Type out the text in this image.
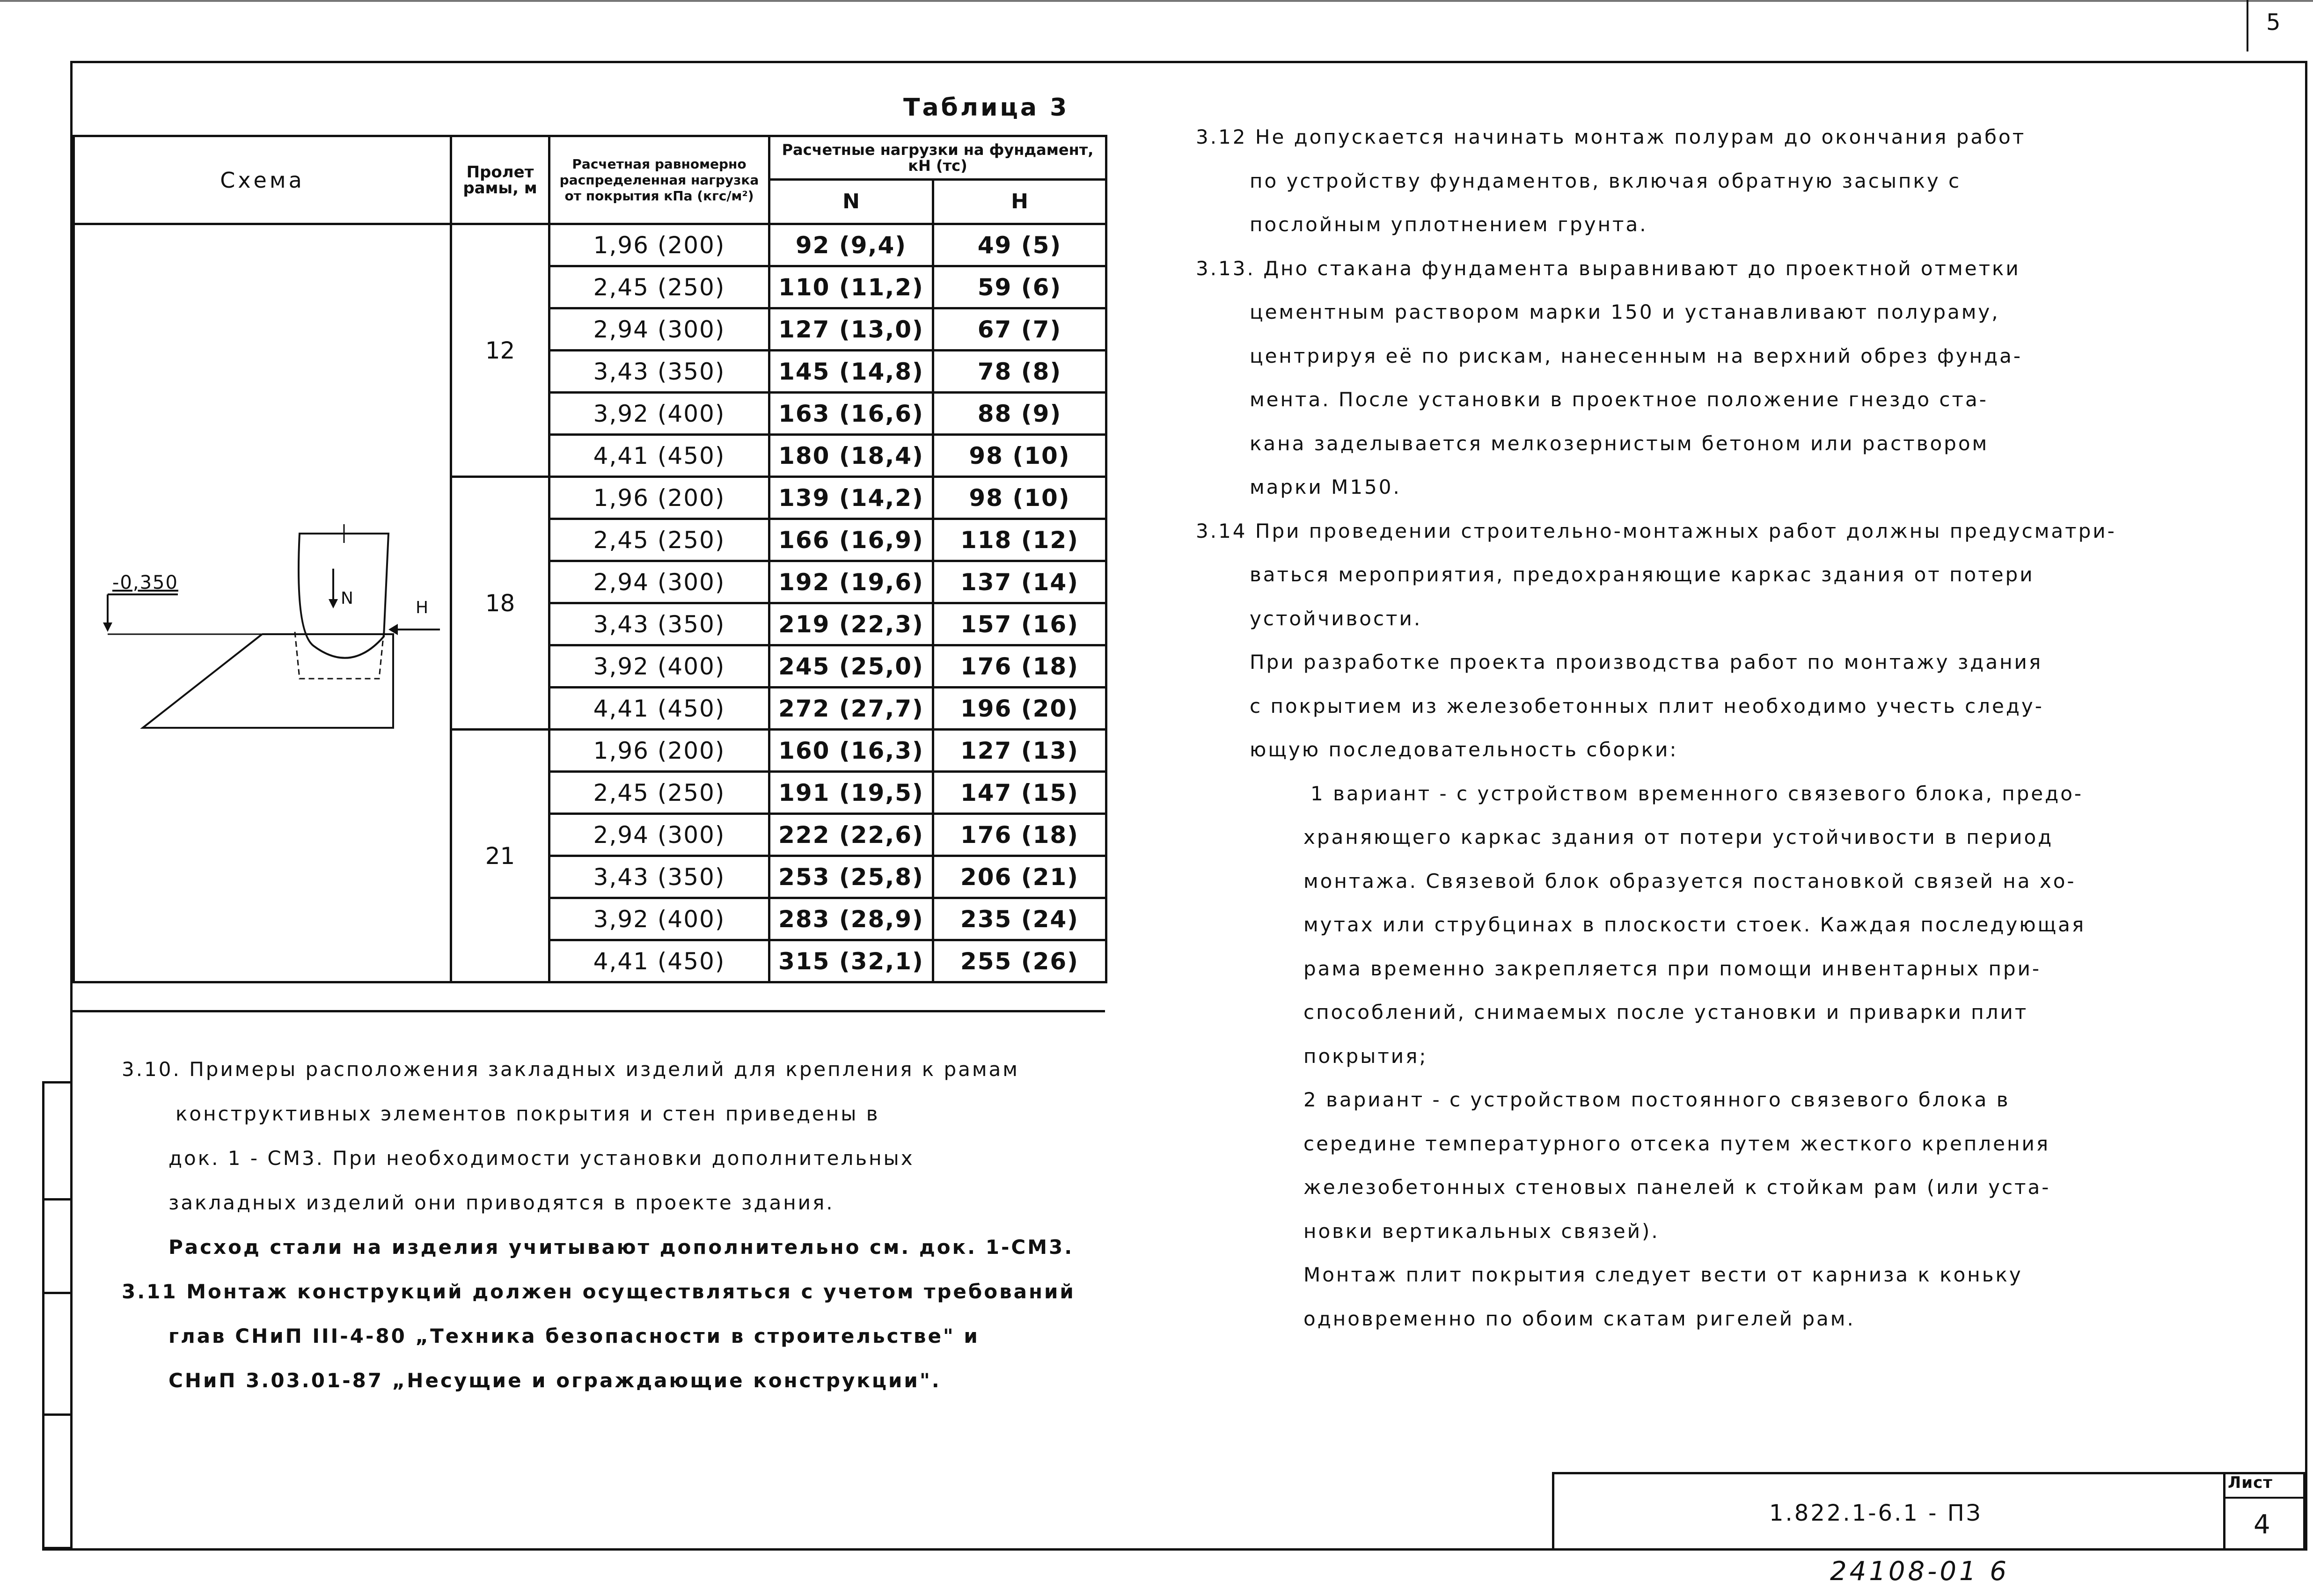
5
Таблица 3
Схема	Пролет рамы, м	Расчетная равномерно распределенная нагрузка от покрытия кПа (кгс/м²)	Расчетные нагрузки на фундамент, кН (тс)	
			N	Н
	12	1,96 (200)	92 (9,4)	49 (5)
		2,45 (250)	110 (11,2)	59 (6)
		2,94 (300)	127 (13,0)	67 (7)
		3,43 (350)	145 (14,8)	78 (8)
		3,92 (400)	163 (16,6)	88 (9)
		4,41 (450)	180 (18,4)	98 (10)
	18	1,96 (200)	139 (14,2)	98 (10)
		2,45 (250)	166 (16,9)	118 (12)
		2,94 (300)	192 (19,6)	137 (14)
		3,43 (350)	219 (22,3)	157 (16)
		3,92 (400)	245 (25,0)	176 (18)
		4,41 (450)	272 (27,7)	196 (20)
	21	1,96 (200)	160 (16,3)	127 (13)
		2,45 (250)	191 (19,5)	147 (15)
		2,94 (300)	222 (22,6)	176 (18)
		3,43 (350)	253 (25,8)	206 (21)
		3,92 (400)	283 (28,9)	235 (24)
		4,41 (450)	315 (32,1)	255 (26)
-0,350
N	H
3.10. Примеры расположения закладных изделий для крепления к рамам
конструктивных элементов покрытия и стен приведены в
док. 1 - СМ3. При необходимости установки дополнительных
закладных изделий они приводятся в проекте здания.
Расход стали на изделия учитывают дополнительно см. док. 1-СМ3.
3.11 Монтаж конструкций должен осуществляться с учетом требований
глав СНиП III-4-80 „Техника безопасности в строительстве" и
СНиП 3.03.01-87 „Несущие и ограждающие конструкции".
3.12 Не допускается начинать монтаж полурам до окончания работ
по устройству фундаментов, включая обратную засыпку с
послойным уплотнением грунта.
3.13. Дно стакана фундамента выравнивают до проектной отметки
цементным раствором марки 150 и устанавливают полураму,
центрируя её по рискам, нанесенным на верхний обрез фунда-
мента. После установки в проектное положение гнездо ста-
кана заделывается мелкозернистым бетоном или раствором
марки М150.
3.14 При проведении строительно-монтажных работ должны предусматри-
ваться мероприятия, предохраняющие каркас здания от потери
устойчивости.
При разработке проекта производства работ по монтажу здания
с покрытием из железобетонных плит необходимо учесть следу-
ющую последовательность сборки:
1 вариант - с устройством временного связевого блока, предо-
храняющего каркас здания от потери устойчивости в период
монтажа. Связевой блок образуется постановкой связей на хо-
мутах или струбцинах в плоскости стоек. Каждая последующая
рама временно закрепляется при помощи инвентарных при-
способлений, снимаемых после установки и приварки плит
покрытия;
2 вариант - с устройством постоянного связевого блока в
середине температурного отсека путем жесткого крепления
железобетонных стеновых панелей к стойкам рам (или уста-
новки вертикальных связей).
Монтаж плит покрытия следует вести от карниза к коньку
одновременно по обоим скатам ригелей рам.
1.822.1-6.1 - ПЗ
Лист
4
24108-01 6
